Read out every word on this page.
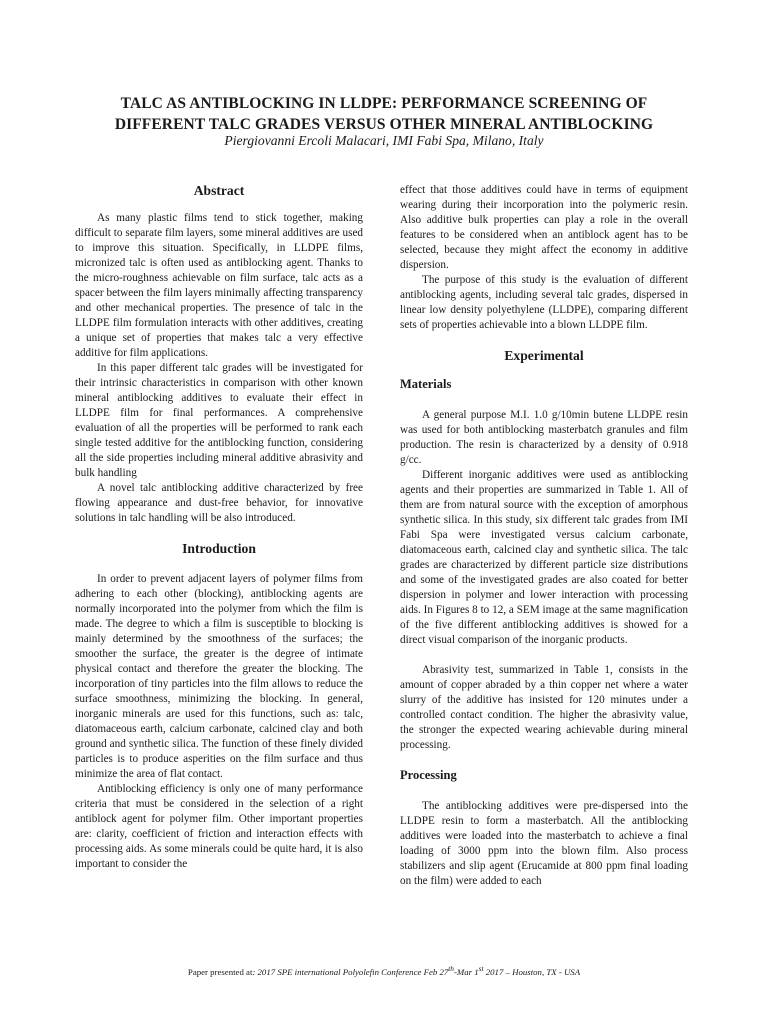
TALC AS ANTIBLOCKING IN LLDPE: PERFORMANCE SCREENING OF
DIFFERENT TALC GRADES VERSUS OTHER MINERAL ANTIBLOCKING
Piergiovanni Ercoli Malacari, IMI Fabi Spa, Milano, Italy
Abstract

As many plastic films tend to stick together, making difficult to separate film layers, some mineral additives are used to improve this situation. Specifically, in LLDPE films, micronized talc is often used as antiblocking agent. Thanks to the micro-roughness achievable on film surface, talc acts as a spacer between the film layers minimally affecting transparency and other mechanical properties. The presence of talc in the LLDPE film formulation interacts with other additives, creating a unique set of properties that makes talc a very effective additive for film applications.

In this paper different talc grades will be investigated for their intrinsic characteristics in comparison with other known mineral antiblocking additives to evaluate their effect in LLDPE film for final performances. A comprehensive evaluation of all the properties will be performed to rank each single tested additive for the antiblocking function, considering all the side properties including mineral additive abrasivity and bulk handling

A novel talc antiblocking additive characterized by free flowing appearance and dust-free behavior, for innovative solutions in talc handling will be also introduced.

Introduction

In order to prevent adjacent layers of polymer films from adhering to each other (blocking), antiblocking agents are normally incorporated into the polymer from which the film is made. The degree to which a film is susceptible to blocking is mainly determined by the smoothness of the surfaces; the smoother the surface, the greater is the degree of intimate physical contact and therefore the greater the blocking. The incorporation of tiny particles into the film allows to reduce the surface smoothness, minimizing the blocking. In general, inorganic minerals are used for this functions, such as: talc, diatomaceous earth, calcium carbonate, calcined clay and both ground and synthetic silica. The function of these finely divided particles is to produce asperities on the film surface and thus minimize the area of flat contact.

Antiblocking efficiency is only one of many performance criteria that must be considered in the selection of a right antiblock agent for polymer film. Other important properties are: clarity, coefficient of friction and interaction effects with processing aids. As some minerals could be quite hard, it is also important to consider the

effect that those additives could have in terms of equipment wearing during their incorporation into the polymeric resin. Also additive bulk properties can play a role in the overall features to be considered when an antiblock agent has to be selected, because they might affect the economy in additive dispersion.

The purpose of this study is the evaluation of different antiblocking agents, including several talc grades, dispersed in linear low density polyethylene (LLDPE), comparing different sets of properties achievable into a blown LLDPE film.

Experimental
Materials

A general purpose M.I. 1.0 g/10min butene LLDPE resin was used for both antiblocking masterbatch granules and film production. The resin is characterized by a density of 0.918 g/cc.

Different inorganic additives were used as antiblocking agents and their properties are summarized in Table 1. All of them are from natural source with the exception of amorphous synthetic silica. In this study, six different talc grades from IMI Fabi Spa were investigated versus calcium carbonate, diatomaceous earth, calcined clay and synthetic silica. The talc grades are characterized by different particle size distributions and some of the investigated grades are also coated for better dispersion in polymer and lower interaction with processing aids. In Figures 8 to 12, a SEM image at the same magnification of the five different antiblocking additives is showed for a direct visual comparison of the inorganic products.

Abrasivity test, summarized in Table 1, consists in the amount of copper abraded by a thin copper net where a water slurry of the additive has insisted for 120 minutes under a controlled contact condition. The higher the abrasivity value, the stronger the expected wearing achievable during mineral processing.

Processing

The antiblocking additives were pre-dispersed into the LLDPE resin to form a masterbatch. All the antiblocking additives were loaded into the masterbatch to achieve a final loading of 3000 ppm into the blown film. Also process stabilizers and slip agent (Erucamide at 800 ppm final loading on the film) were added to each

Paper presented at: 2017 SPE international Polyolefin Conference Feb 27th-Mar 1st 2017 – Houston, TX - USA
